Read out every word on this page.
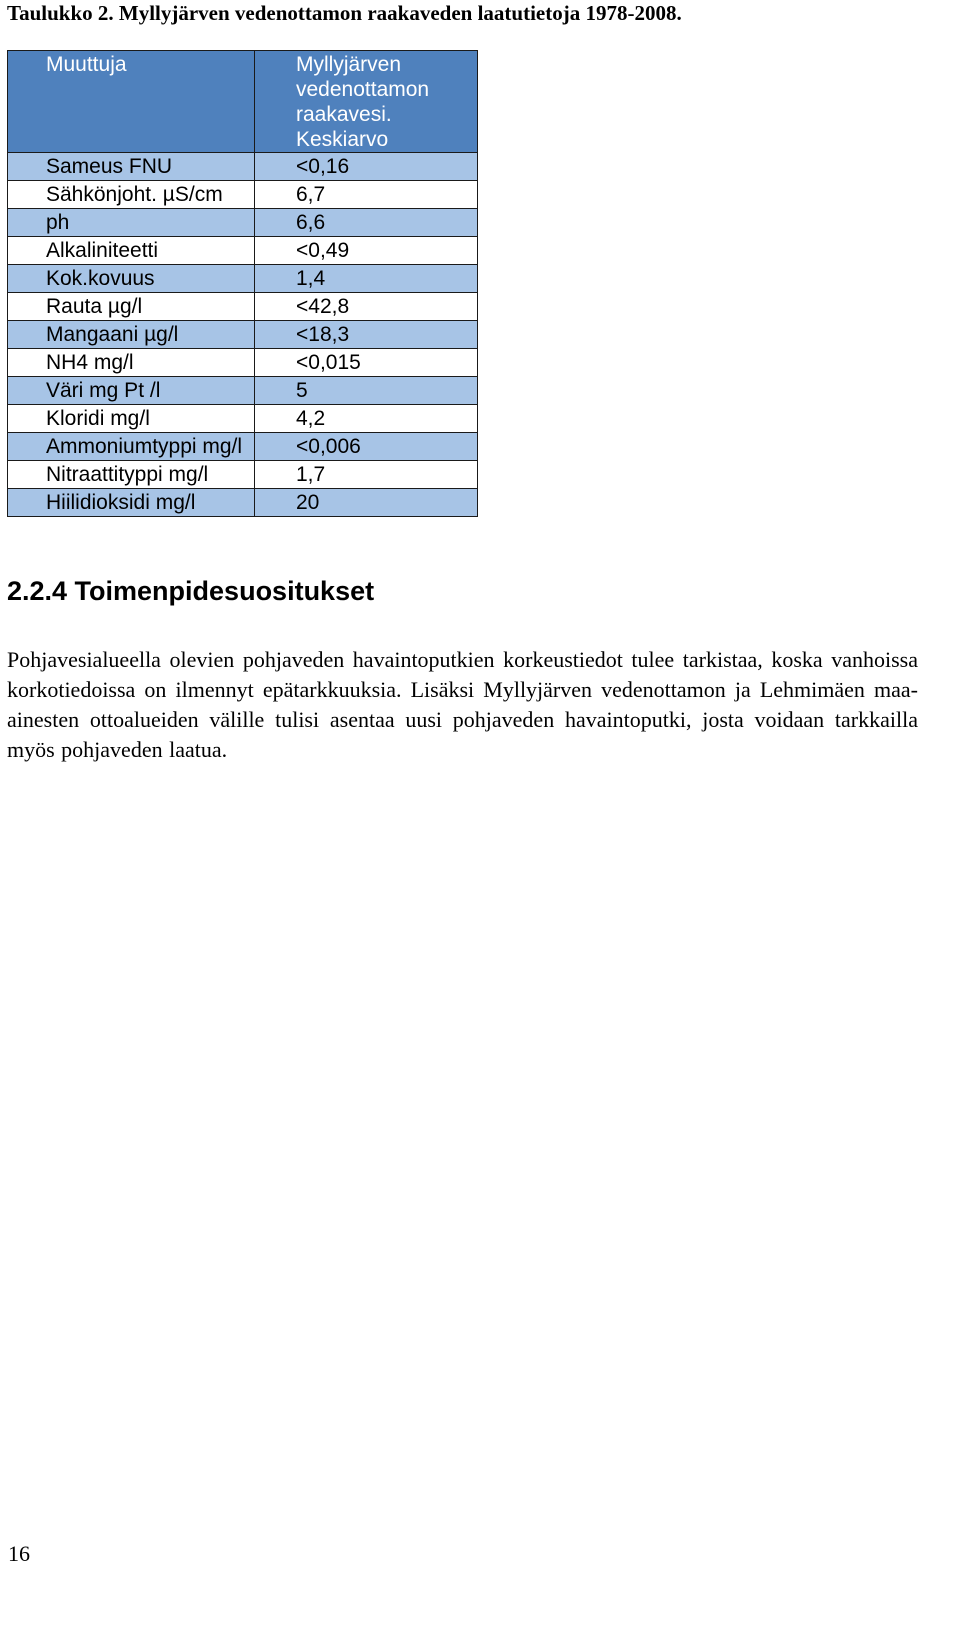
Taulukko 2. Myllyjärven vedenottamon raakaveden laatutietoja 1978-2008.
Muuttuja	Myllyjärven
vedenottamon
raakavesi.
Keskiarvo
Sameus FNU	<0,16
Sähkönjoht. µS/cm	6,7
ph	6,6
Alkaliniteetti	<0,49
Kok.kovuus	1,4
Rauta µg/l	<42,8
Mangaani µg/l	<18,3
NH4 mg/l	<0,015
Väri mg Pt /l	5
Kloridi mg/l	4,2
Ammoniumtyppi mg/l	<0,006
Nitraattityppi mg/l	1,7
Hiilidioksidi mg/l	20
2.2.4 Toimenpidesuositukset
Pohjavesialueella olevien pohjaveden havaintoputkien korkeustiedot tulee tarkistaa, koska vanhoissa korkotiedoissa on ilmennyt epätarkkuuksia. Lisäksi Myllyjärven vedenottamon ja Lehmimäen maa-ainesten ottoalueiden välille tulisi asentaa uusi pohjaveden havaintoputki, josta voidaan tarkkailla myös pohjaveden laatua.
16
